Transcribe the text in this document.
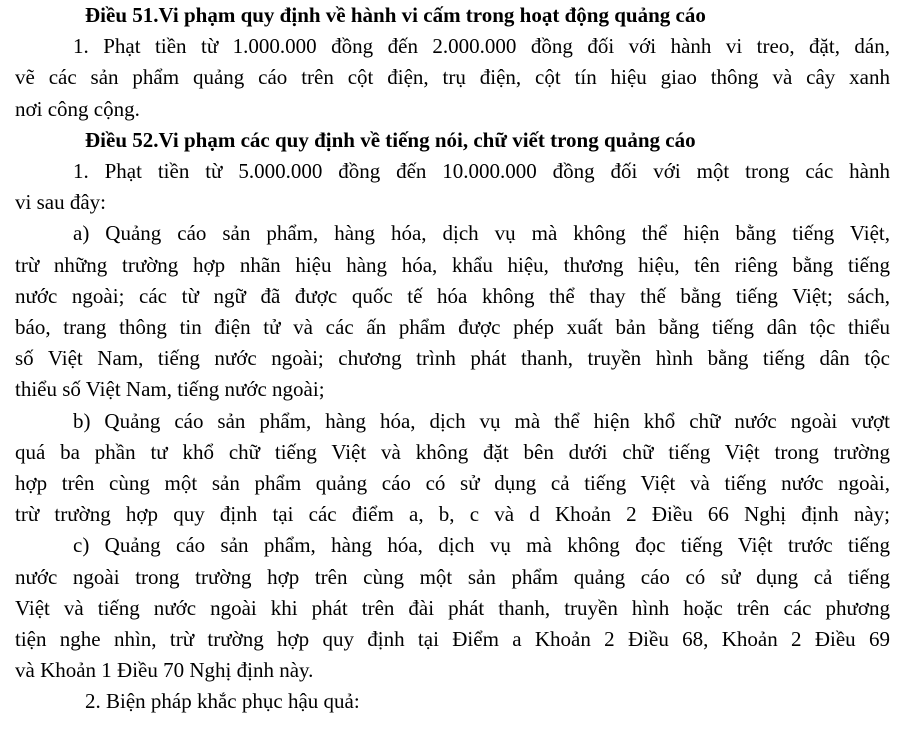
Điều 51.Vi phạm quy định về hành vi cấm trong hoạt động quảng cáo
1. Phạt tiền từ 1.000.000 đồng đến 2.000.000 đồng đối với hành vi treo, đặt, dán,
vẽ các sản phẩm quảng cáo trên cột điện, trụ điện, cột tín hiệu giao thông và cây xanh
nơi công cộng.
Điều 52.Vi phạm các quy định về tiếng nói, chữ viết trong quảng cáo
1. Phạt tiền từ 5.000.000 đồng đến 10.000.000 đồng đối với một trong các hành
vi sau đây:
a) Quảng cáo sản phẩm, hàng hóa, dịch vụ mà không thể hiện bằng tiếng Việt,
trừ những trường hợp nhãn hiệu hàng hóa, khẩu hiệu, thương hiệu, tên riêng bằng tiếng
nước ngoài; các từ ngữ đã được quốc tế hóa không thể thay thế bằng tiếng Việt; sách,
báo, trang thông tin điện tử và các ấn phẩm được phép xuất bản bằng tiếng dân tộc thiểu
số Việt Nam, tiếng nước ngoài; chương trình phát thanh, truyền hình bằng tiếng dân tộc
thiểu số Việt Nam, tiếng nước ngoài;
b) Quảng cáo sản phẩm, hàng hóa, dịch vụ mà thể hiện khổ chữ nước ngoài vượt
quá ba phần tư khổ chữ tiếng Việt và không đặt bên dưới chữ tiếng Việt trong trường
hợp trên cùng một sản phẩm quảng cáo có sử dụng cả tiếng Việt và tiếng nước ngoài,
trừ trường hợp quy định tại các điểm a, b, c và d Khoản 2 Điều 66 Nghị định này;
c) Quảng cáo sản phẩm, hàng hóa, dịch vụ mà không đọc tiếng Việt trước tiếng
nước ngoài trong trường hợp trên cùng một sản phẩm quảng cáo có sử dụng cả tiếng
Việt và tiếng nước ngoài khi phát trên đài phát thanh, truyền hình hoặc trên các phương
tiện nghe nhìn, trừ trường hợp quy định tại Điểm a Khoản 2 Điều 68, Khoản 2 Điều 69
và Khoản 1 Điều 70 Nghị định này.
2. Biện pháp khắc phục hậu quả:
